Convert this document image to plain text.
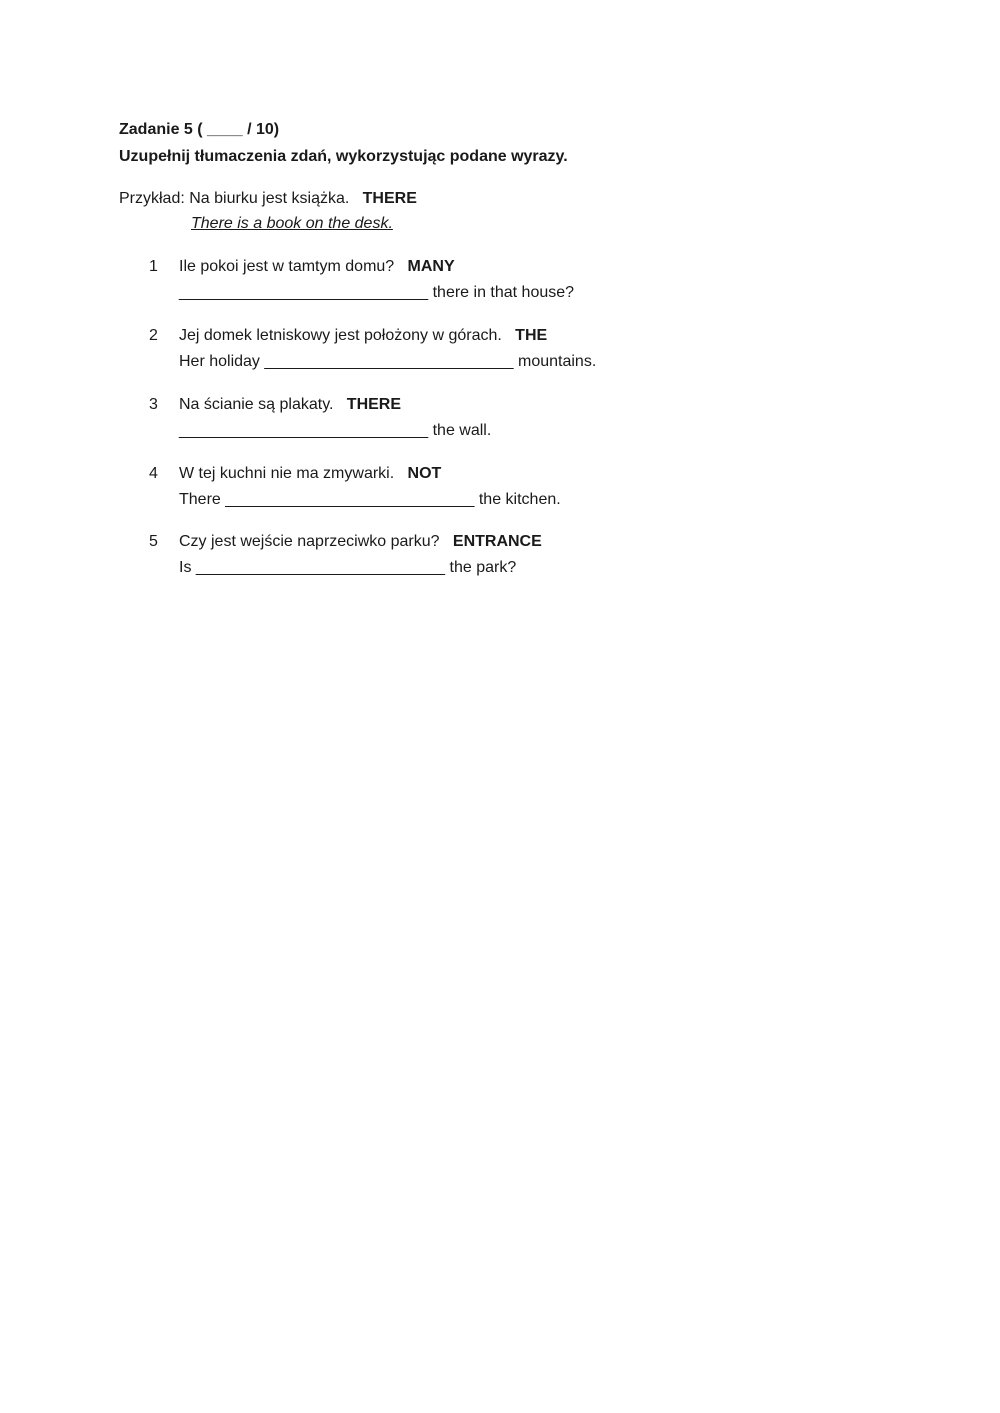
Zadanie 5 ( ____ / 10)
Uzupełnij tłumaczenia zdań, wykorzystując podane wyrazy.
Przykład: Na biurku jest książka. THERE
There is a book on the desk.
1 Ile pokoi jest w tamtym domu? MANY
____________________________ there in that house?
2 Jej domek letniskowy jest położony w górach. THE
Her holiday ____________________________ mountains.
3 Na ścianie są plakaty. THERE
____________________________ the wall.
4 W tej kuchni nie ma zmywarki. NOT
There ____________________________ the kitchen.
5 Czy jest wejście naprzeciwko parku? ENTRANCE
Is ____________________________ the park?
